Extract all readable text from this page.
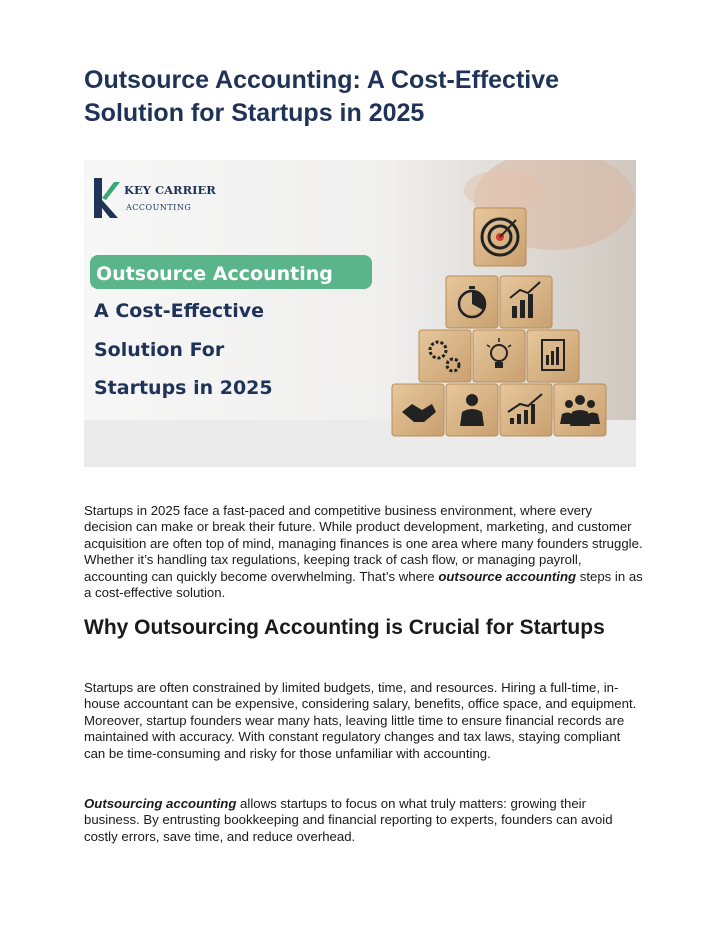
Outsource Accounting: A Cost-Effective Solution for Startups in 2025
KEY CARRIER
ACCOUNTING
Outsource Accounting
A Cost-Effective
Solution For
Startups in 2025

Startups in 2025 face a fast-paced and competitive business environment, where every decision can make or break their future. While product development, marketing, and customer acquisition are often top of mind, managing finances is one area where many founders struggle. Whether it’s handling tax regulations, keeping track of cash flow, or managing payroll, accounting can quickly become overwhelming. That’s where outsource accounting steps in as a cost-effective solution.

Why Outsourcing Accounting is Crucial for Startups

Startups are often constrained by limited budgets, time, and resources. Hiring a full-time, in-house accountant can be expensive, considering salary, benefits, office space, and equipment. Moreover, startup founders wear many hats, leaving little time to ensure financial records are maintained with accuracy. With constant regulatory changes and tax laws, staying compliant can be time-consuming and risky for those unfamiliar with accounting.

Outsourcing accounting allows startups to focus on what truly matters: growing their business. By entrusting bookkeeping and financial reporting to experts, founders can avoid costly errors, save time, and reduce overhead.
